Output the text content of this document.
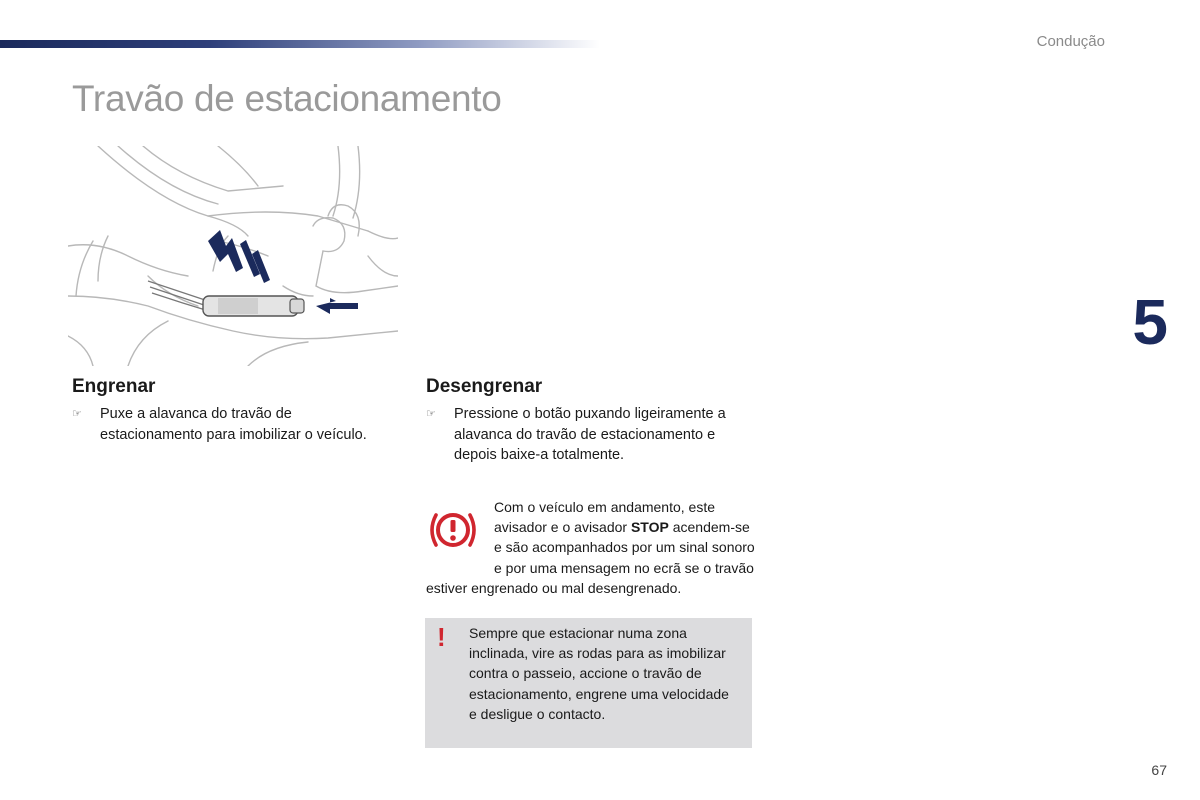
Condução
Travão de estacionamento
5
Engrenar
☞	Puxe a alavanca do travão de estacionamento para imobilizar o veículo.
Desengrenar
☞	Pressione o botão puxando ligeiramente a alavanca do travão de estacionamento e depois baixe-a totalmente.
Com o veículo em andamento, este avisador e o avisador STOP acendem-se e são acompanhados por um sinal sonoro e por uma mensagem no ecrã se o travão estiver engrenado ou mal desengrenado.
! Sempre que estacionar numa zona inclinada, vire as rodas para as imobilizar contra o passeio, accione o travão de estacionamento, engrene uma velocidade e desligue o contacto.
67
